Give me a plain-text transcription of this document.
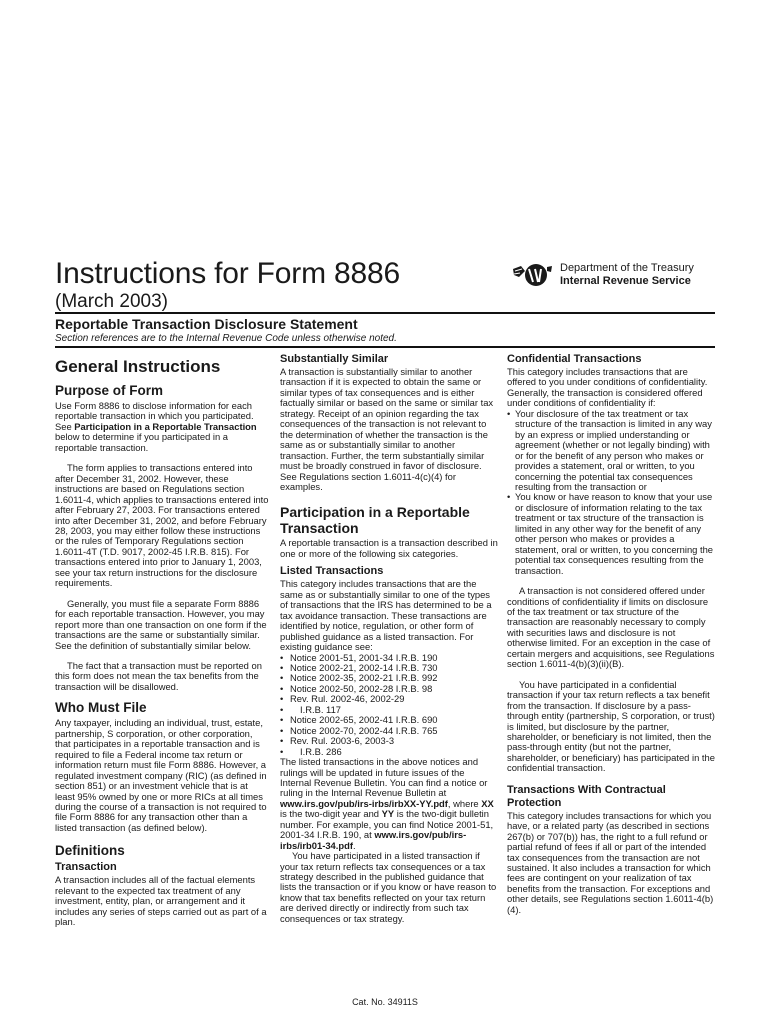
Instructions for Form 8886
(March 2003)
Reportable Transaction Disclosure Statement
Section references are to the Internal Revenue Code unless otherwise noted.
Department of the Treasury
Internal Revenue Service
General Instructions
Purpose of Form

Use Form 8886 to disclose information for each reportable transaction in which you participated. See Participation in a Reportable Transaction below to determine if you participated in a reportable transaction.

The form applies to transactions entered into after December 31, 2002. However, these instructions are based on Regulations section 1.6011-4, which applies to transactions entered into after February 27, 2003. For transactions entered into after December 31, 2002, and before February 28, 2003, you may either follow these instructions or the rules of Temporary Regulations section 1.6011-4T (T.D. 9017, 2002-45 I.R.B. 815). For transactions entered into prior to January 1, 2003, see your tax return instructions for the disclosure requirements.

Generally, you must file a separate Form 8886 for each reportable transaction. However, you may report more than one transaction on one form if the transactions are the same or substantially similar. See the definition of substantially similar below.

The fact that a transaction must be reported on this form does not mean the tax benefits from the transaction will be disallowed.

Who Must File

Any taxpayer, including an individual, trust, estate, partnership, S corporation, or other corporation, that participates in a reportable transaction and is required to file a Federal income tax return or information return must file Form 8886. However, a regulated investment company (RIC) (as defined in section 851) or an investment vehicle that is at least 95% owned by one or more RICs at all times during the course of a transaction is not required to file Form 8886 for any transaction other than a listed transaction (as defined below).

Definitions
Transaction

A transaction includes all of the factual elements relevant to the expected tax treatment of any investment, entity, plan, or arrangement and it includes any series of steps carried out as part of a plan.

Substantially Similar

A transaction is substantially similar to another transaction if it is expected to obtain the same or similar types of tax consequences and is either factually similar or based on the same or similar tax strategy. Receipt of an opinion regarding the tax consequences of the transaction is not relevant to the determination of whether the transaction is the same as or substantially similar to another transaction. Further, the term substantially similar must be broadly construed in favor of disclosure. See Regulations section 1.6011-4(c)(4) for examples.

Participation in a Reportable Transaction

A reportable transaction is a transaction described in one or more of the following six categories.

Listed Transactions

This category includes transactions that are the same as or substantially similar to one of the types of transactions that the IRS has determined to be a tax avoidance transaction. These transactions are identified by notice, regulation, or other form of published guidance as a listed transaction. For existing guidance see:

• Notice 2001-51, 2001-34 I.R.B. 190
• Notice 2002-21, 2002-14 I.R.B. 730
• Notice 2002-35, 2002-21 I.R.B. 992
• Notice 2002-50, 2002-28 I.R.B. 98
• Rev. Rul. 2002-46, 2002-29
• I.R.B. 117
• Notice 2002-65, 2002-41 I.R.B. 690
• Notice 2002-70, 2002-44 I.R.B. 765
• Rev. Rul. 2003-6, 2003-3
• I.R.B. 286

The listed transactions in the above notices and rulings will be updated in future issues of the Internal Revenue Bulletin. You can find a notice or ruling in the Internal Revenue Bulletin at www.irs.gov/pub/irs-irbs/irbXX-YY.pdf, where XX is the two-digit year and YY is the two-digit bulletin number. For example, you can find Notice 2001-51, 2001-34 I.R.B. 190, at www.irs.gov/pub/irs-irbs/irb01-34.pdf.

You have participated in a listed transaction if your tax return reflects tax consequences or a tax strategy described in the published guidance that lists the transaction or if you know or have reason to know that tax benefits reflected on your tax return are derived directly or indirectly from such tax consequences or tax strategy.

Confidential Transactions

This category includes transactions that are offered to you under conditions of confidentiality. Generally, the transaction is considered offered under conditions of confidentiality if:

• Your disclosure of the tax treatment or tax structure of the transaction is limited in any way by an express or implied understanding or agreement (whether or not legally binding) with or for the benefit of any person who makes or provides a statement, oral or written, to you concerning the potential tax consequences resulting from the transaction or

• You know or have reason to know that your use or disclosure of information relating to the tax treatment or tax structure of the transaction is limited in any other way for the benefit of any other person who makes or provides a statement, oral or written, to you concerning the potential tax consequences resulting from the transaction.

A transaction is not considered offered under conditions of confidentiality if limits on disclosure of the tax treatment or tax structure of the transaction are reasonably necessary to comply with securities laws and disclosure is not otherwise limited. For an exception in the case of certain mergers and acquisitions, see Regulations section 1.6011-4(b)(3)(ii)(B).

You have participated in a confidential transaction if your tax return reflects a tax benefit from the transaction. If disclosure by a pass-through entity (partnership, S corporation, or trust) is limited, but disclosure by the partner, shareholder, or beneficiary is not limited, then the pass-through entity (but not the partner, shareholder, or beneficiary) has participated in the confidential transaction.

Transactions With Contractual Protection

This category includes transactions for which you have, or a related party (as described in sections 267(b) or 707(b)) has, the right to a full refund or partial refund of fees if all or part of the intended tax consequences from the transaction are not sustained. It also includes a transaction for which fees are contingent on your realization of tax benefits from the transaction. For exceptions and other details, see Regulations section 1.6011-4(b)(4).

Cat. No. 34911S
